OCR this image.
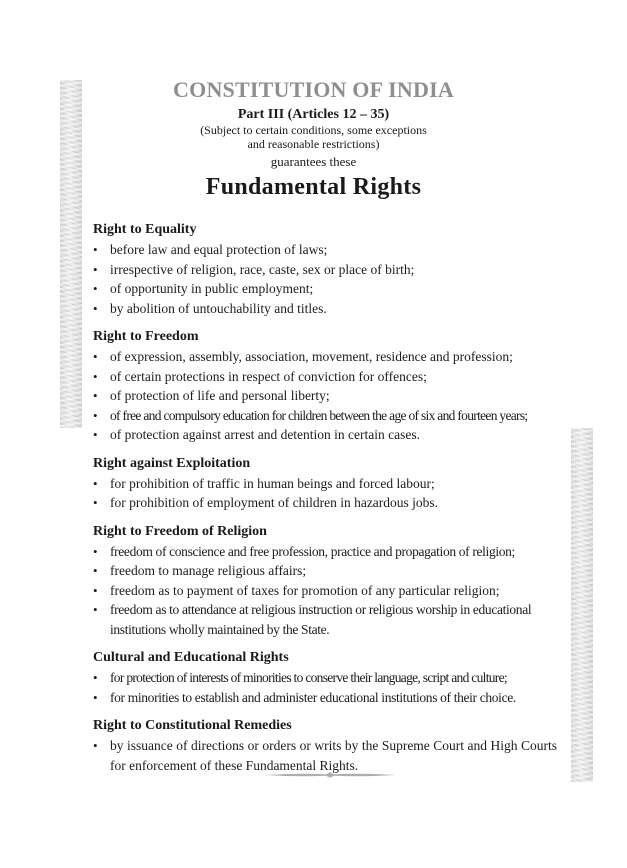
CONSTITUTION OF INDIA
Part III (Articles 12 – 35)
(Subject to certain conditions, some exceptions
and reasonable restrictions)
guarantees these
Fundamental Rights
Right to Equality
• before law and equal protection of laws;
• irrespective of religion, race, caste, sex or place of birth;
• of opportunity in public employment;
• by abolition of untouchability and titles.
Right to Freedom
• of expression, assembly, association, movement, residence and profession;
• of certain protections in respect of conviction for offences;
• of protection of life and personal liberty;
• of free and compulsory education for children between the age of six and fourteen years;
• of protection against arrest and detention in certain cases.
Right against Exploitation
• for prohibition of traffic in human beings and forced labour;
• for prohibition of employment of children in hazardous jobs.
Right to Freedom of Religion
• freedom of conscience and free profession, practice and propagation of religion;
• freedom to manage religious affairs;
• freedom as to payment of taxes for promotion of any particular religion;
• freedom as to attendance at religious instruction or religious worship in educational institutions wholly maintained by the State.
Cultural and Educational Rights
• for protection of interests of minorities to conserve their language, script and culture;
• for minorities to establish and administer educational institutions of their choice.
Right to Constitutional Remedies
• by issuance of directions or orders or writs by the Supreme Court and High Courts for enforcement of these Fundamental Rights.
